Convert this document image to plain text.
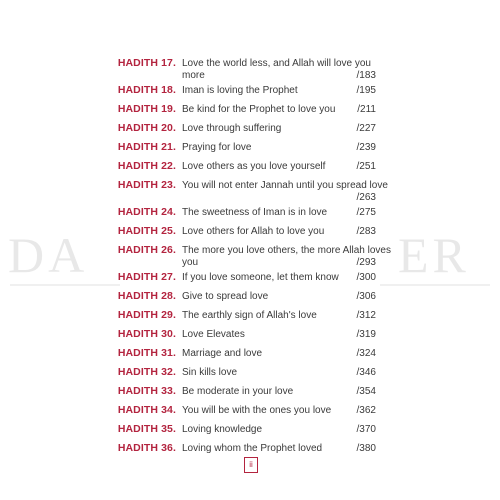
DA	ER
HADITH 17. Love the world less, and Allah will love you
more	/183
HADITH 18. Iman is loving the Prophet	/195
HADITH 19. Be kind for the Prophet to love you	/211
HADITH 20. Love through suffering	/227
HADITH 21. Praying for love	/239
HADITH 22. Love others as you love yourself	/251
HADITH 23. You will not enter Jannah until you spread love
/263
HADITH 24. The sweetness of Iman is in love	/275
HADITH 25. Love others for Allah to love you	/283
HADITH 26. The more you love others, the more Allah loves
you	/293
HADITH 27. If you love someone, let them know	/300
HADITH 28. Give to spread love	/306
HADITH 29. The earthly sign of Allah's love	/312
HADITH 30. Love Elevates	/319
HADITH 31. Marriage and love	/324
HADITH 32. Sin kills love	/346
HADITH 33. Be moderate in your love	/354
HADITH 34. You will be with the ones you love	/362
HADITH 35. Loving knowledge	/370
HADITH 36. Loving whom the Prophet loved	/380
ii
